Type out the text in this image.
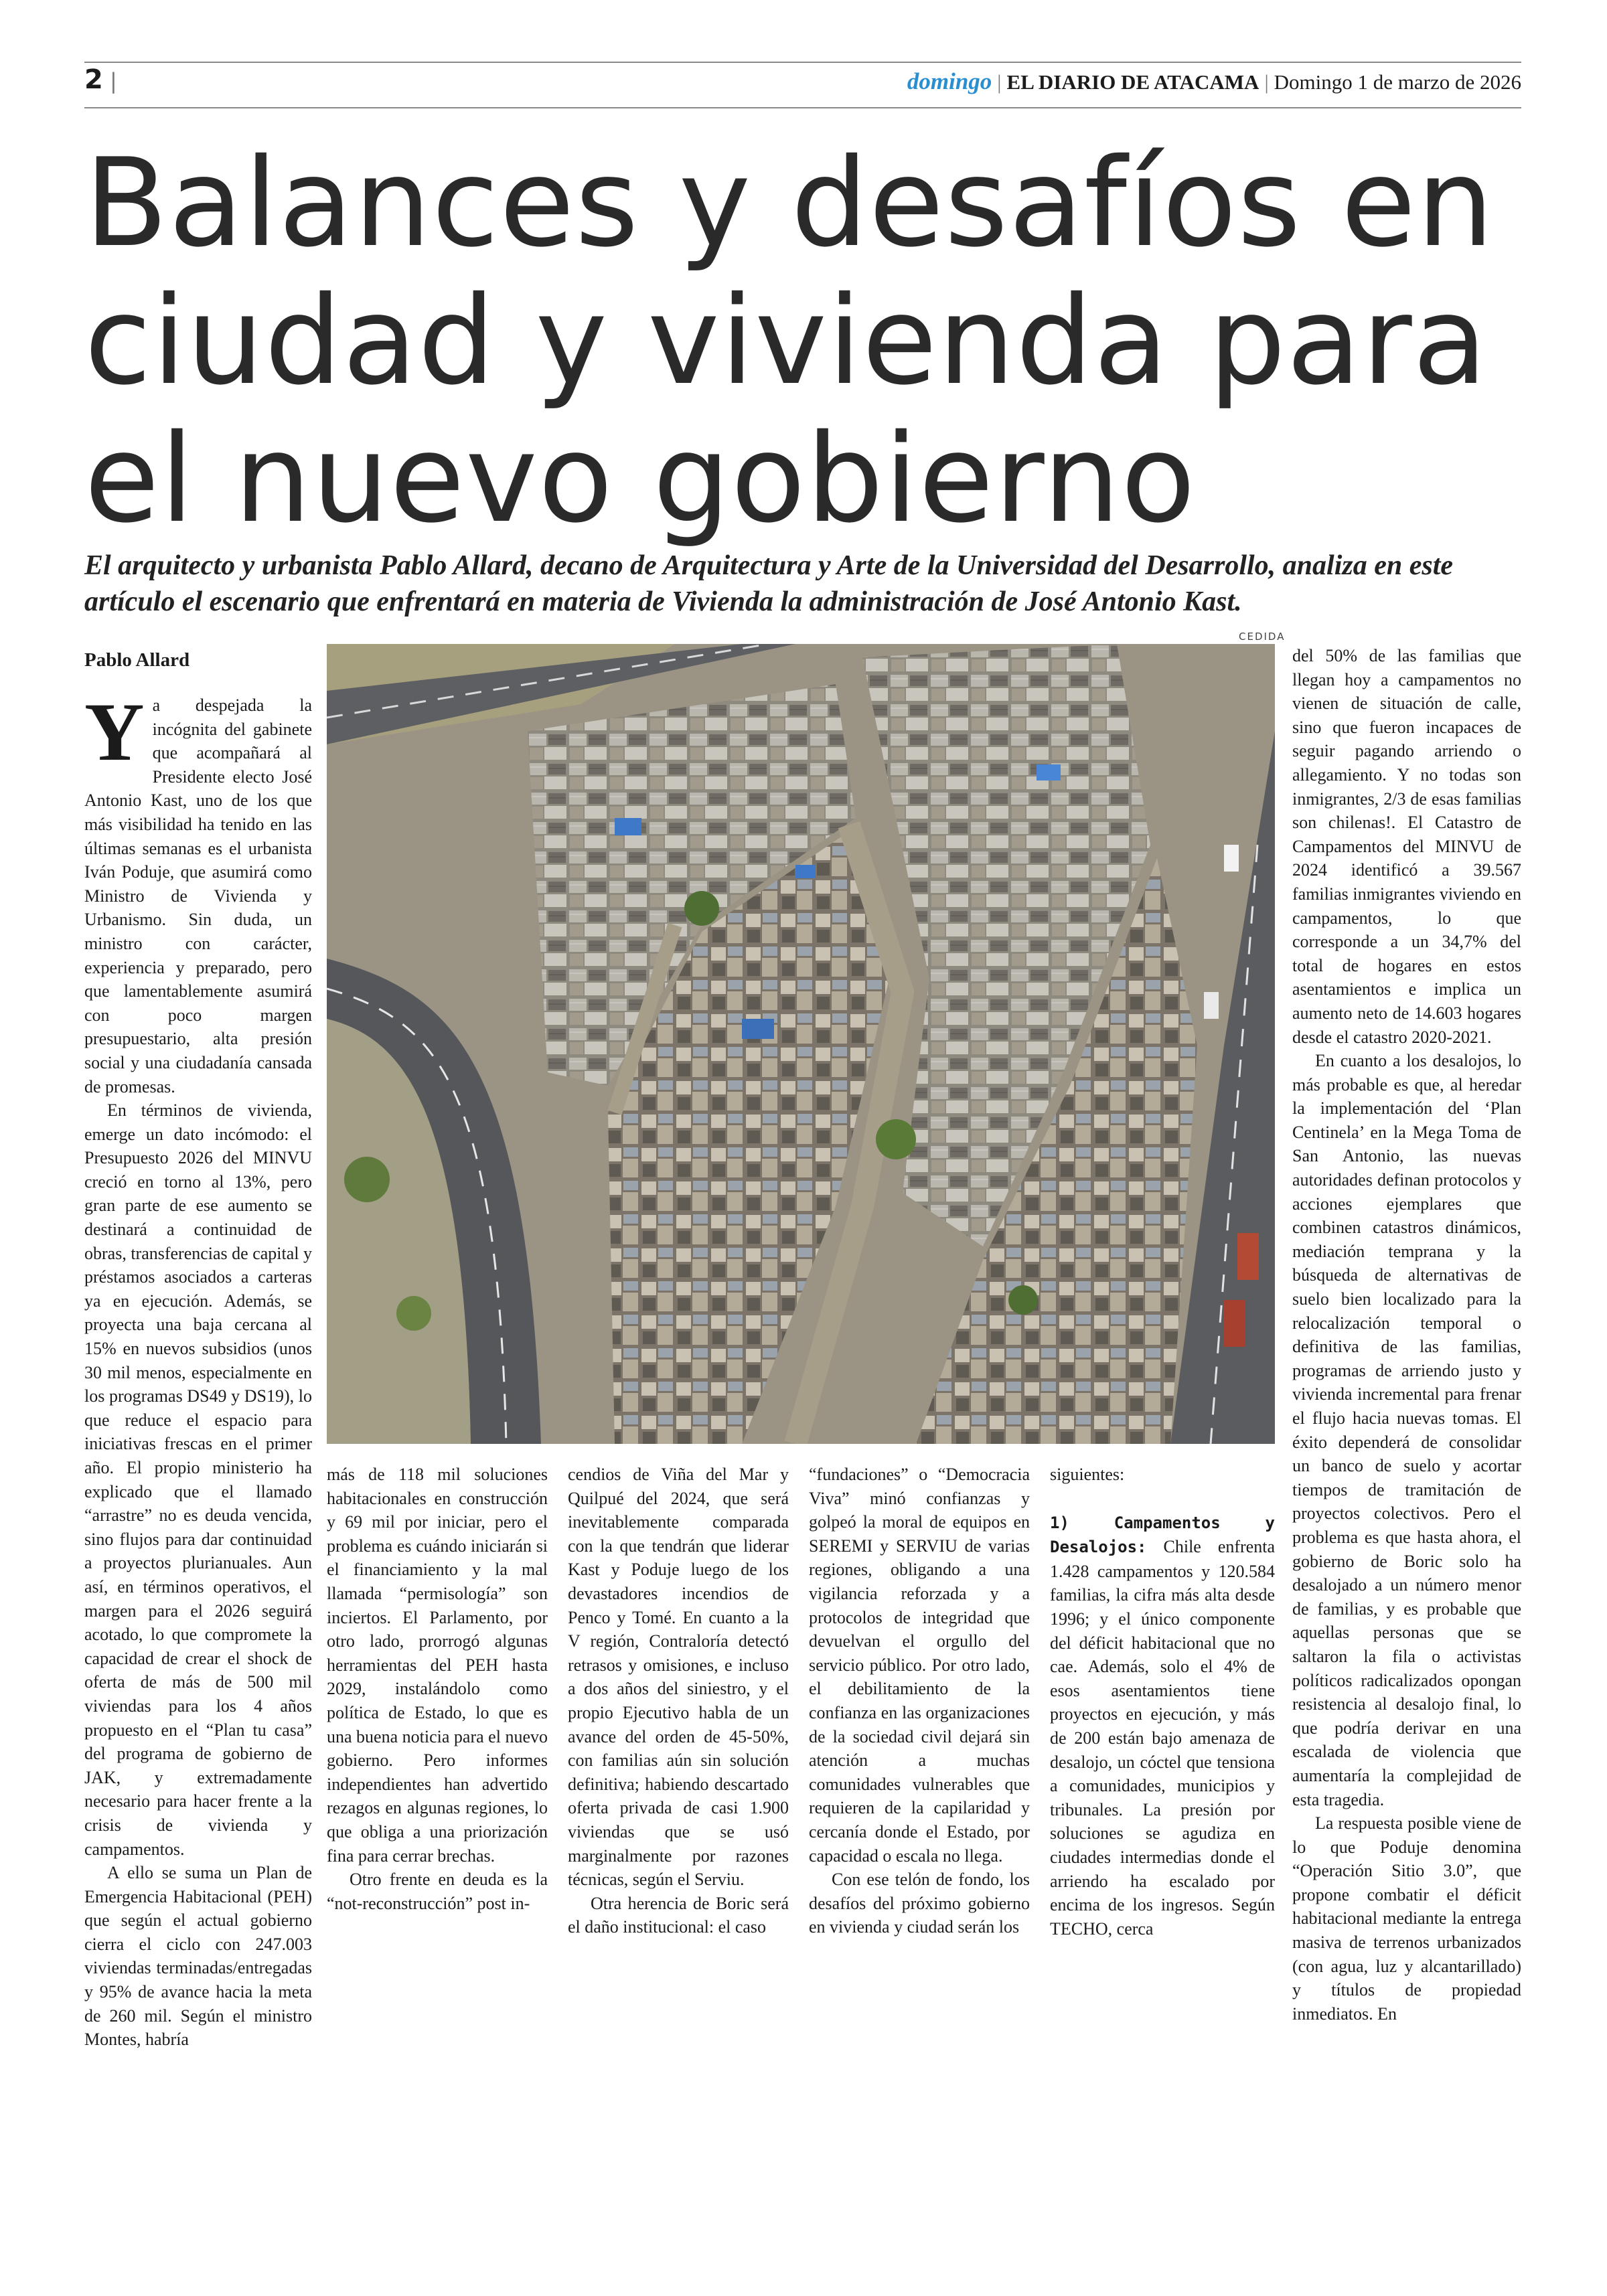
2 |	domingo | EL DIARIO DE ATACAMA | Domingo 1 de marzo de 2026
Balances y desafíos en ciudad y vivienda para el nuevo gobierno
El arquitecto y urbanista Pablo Allard, decano de Arquitectura y Arte de la Universidad del Desarrollo, analiza en este artículo el escenario que enfrentará en materia de Vivienda la administración de José Antonio Kast.
Pablo Allard
CEDIDA

Ya despejada la incógnita del gabinete que acompañará al Presidente electo José Antonio Kast, uno de los que más visibilidad ha tenido en las últimas semanas es el urbanista Iván Poduje, que asumirá como Ministro de Vivienda y Urbanismo. Sin duda, un ministro con carácter, experiencia y preparado, pero que lamentablemente asumirá con poco margen presupuestario, alta presión social y una ciudadanía cansada de promesas.

En términos de vivienda, emerge un dato incómodo: el Presupuesto 2026 del MINVU creció en torno al 13%, pero gran parte de ese aumento se destinará a continuidad de obras, transferencias de capital y préstamos asociados a carteras ya en ejecución. Además, se proyecta una baja cercana al 15% en nuevos subsidios (unos 30 mil menos, especialmente en los programas DS49 y DS19), lo que reduce el espacio para iniciativas frescas en el primer año. El propio ministerio ha explicado que el llamado “arrastre” no es deuda vencida, sino flujos para dar continuidad a proyectos plurianuales. Aun así, en términos operativos, el margen para el 2026 seguirá acotado, lo que compromete la capacidad de crear el shock de oferta de más de 500 mil viviendas para los 4 años propuesto en el “Plan tu casa” del programa de gobierno de JAK, y extremadamente necesario para hacer frente a la crisis de vivienda y campamentos.

A ello se suma un Plan de Emergencia Habitacional (PEH) que según el actual gobierno cierra el ciclo con 247.003 viviendas terminadas/entregadas y 95% de avance hacia la meta de 260 mil. Según el ministro Montes, habría

más de 118 mil soluciones habitacionales en construcción y 69 mil por iniciar, pero el problema es cuándo iniciarán si el financiamiento y la mal llamada “permisología” son inciertos. El Parlamento, por otro lado, prorrogó algunas herramientas del PEH hasta 2029, instalándolo como política de Estado, lo que es una buena noticia para el nuevo gobierno. Pero informes independientes han advertido rezagos en algunas regiones, lo que obliga a una priorización fina para cerrar brechas.

Otro frente en deuda es la “not-reconstrucción” post in-

cendios de Viña del Mar y Quilpué del 2024, que será inevitablemente comparada con la que tendrán que liderar Kast y Poduje luego de los devastadores incendios de Penco y Tomé. En cuanto a la V región, Contraloría detectó retrasos y omisiones, e incluso a dos años del siniestro, y el propio Ejecutivo habla de un avance del orden de 45-50%, con familias aún sin solución definitiva; habiendo descartado oferta privada de casi 1.900 viviendas que se usó marginalmente por razones técnicas, según el Serviu.

Otra herencia de Boric será el daño institucional: el caso

“fundaciones” o “Democracia Viva” minó confianzas y golpeó la moral de equipos en SEREMI y SERVIU de varias regiones, obligando a una vigilancia reforzada y a protocolos de integridad que devuelvan el orgullo del servicio público. Por otro lado, el debilitamiento de la confianza en las organizaciones de la sociedad civil dejará sin atención a muchas comunidades vulnerables que requieren de la capilaridad y cercanía donde el Estado, por capacidad o escala no llega.

Con ese telón de fondo, los desafíos del próximo gobierno en vivienda y ciudad serán los

siguientes:

1) Campamentos y Desalojos: Chile enfrenta 1.428 campamentos y 120.584 familias, la cifra más alta desde 1996; y el único componente del déficit habitacional que no cae. Además, solo el 4% de esos asentamientos tiene proyectos en ejecución, y más de 200 están bajo amenaza de desalojo, un cóctel que tensiona a comunidades, municipios y tribunales. La presión por soluciones se agudiza en ciudades intermedias donde el arriendo ha escalado por encima de los ingresos. Según TECHO, cerca

del 50% de las familias que llegan hoy a campamentos no vienen de situación de calle, sino que fueron incapaces de seguir pagando arriendo o allegamiento. Y no todas son inmigrantes, 2/3 de esas familias son chilenas!. El Catastro de Campamentos del MINVU de 2024 identificó a 39.567 familias inmigrantes viviendo en campamentos, lo que corresponde a un 34,7% del total de hogares en estos asentamientos e implica un aumento neto de 14.603 hogares desde el catastro 2020-2021.

En cuanto a los desalojos, lo más probable es que, al heredar la implementación del ‘Plan Centinela’ en la Mega Toma de San Antonio, las nuevas autoridades definan protocolos y acciones ejemplares que combinen catastros dinámicos, mediación temprana y la búsqueda de alternativas de suelo bien localizado para la relocalización temporal o definitiva de las familias, programas de arriendo justo y vivienda incremental para frenar el flujo hacia nuevas tomas. El éxito dependerá de consolidar un banco de suelo y acortar tiempos de tramitación de proyectos colectivos. Pero el problema es que hasta ahora, el gobierno de Boric solo ha desalojado a un número menor de familias, y es probable que aquellas personas que se saltaron la fila o activistas políticos radicalizados opongan resistencia al desalojo final, lo que podría derivar en una escalada de violencia que aumentaría la complejidad de esta tragedia.

La respuesta posible viene de lo que Poduje denomina “Operación Sitio 3.0”, que propone combatir el déficit habitacional mediante la entrega masiva de terrenos urbanizados (con agua, luz y alcantarillado) y títulos de propiedad inmediatos. En
